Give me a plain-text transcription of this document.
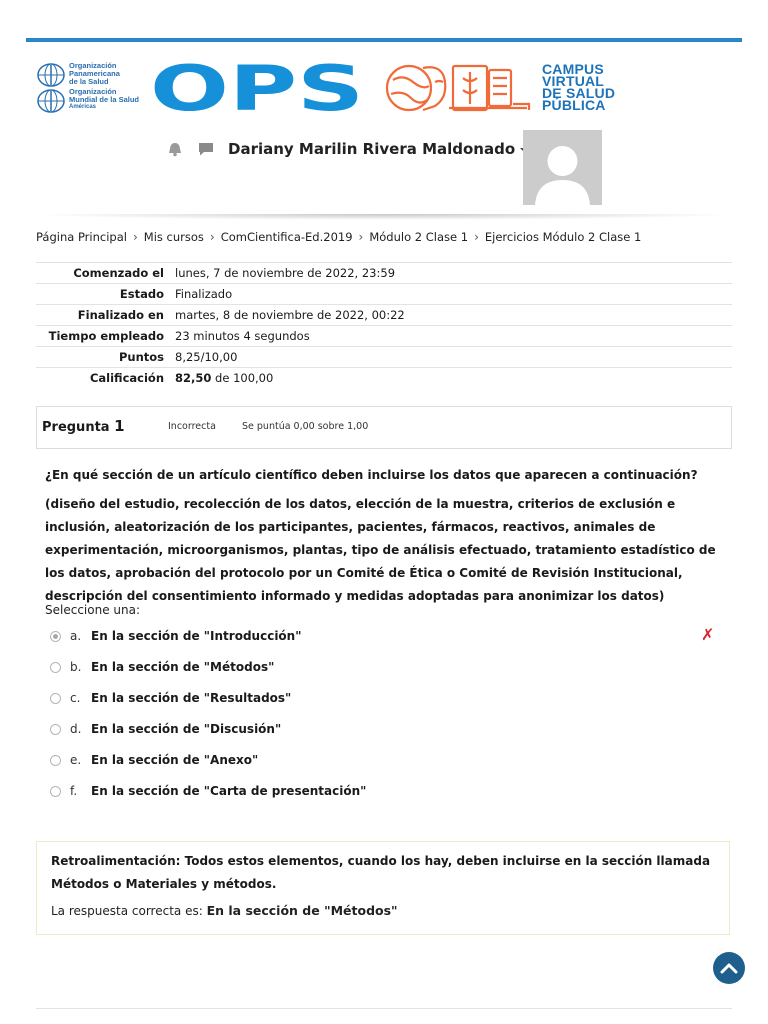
Organización
Panamericana
de la Salud
Organización
Mundial de la Salud
Américas OPS	CAMPUS
VIRTUAL
DE SALUD
PÚBLICA
Dariany Marilin Rivera Maldonado
Página Principal › Mis cursos › ComCientifica-Ed.2019 › Módulo 2 Clase 1 › Ejercicios Módulo 2 Clase 1
Comenzado el	lunes, 7 de noviembre de 2022, 23:59
Estado	Finalizado
Finalizado en	martes, 8 de noviembre de 2022, 00:22
Tiempo empleado	23 minutos 4 segundos
Puntos	8,25/10,00
Calificación	82,50 de 100,00
Pregunta 1	Incorrecta	Se puntúa 0,00 sobre 1,00

¿En qué sección de un artículo científico deben incluirse los datos que aparecen a continuación?

(diseño del estudio, recolección de los datos, elección de la muestra, criterios de exclusión e inclusión, aleatorización de los participantes, pacientes, fármacos, reactivos, animales de experimentación, microorganismos, plantas, tipo de análisis efectuado, tratamiento estadístico de los datos, aprobación del protocolo por un Comité de Ética o Comité de Revisión Institucional, descripción del consentimiento informado y medidas adoptadas para anonimizar los datos)

Seleccione una:
a. En la sección de "Introducción"	✗
b. En la sección de "Métodos"
c. En la sección de "Resultados"
d. En la sección de "Discusión"
e. En la sección de "Anexo"
f.	En la sección de "Carta de presentación"
Retroalimentación: Todos estos elementos, cuando los hay, deben incluirse en la sección llamada Métodos o Materiales y métodos.
La respuesta correcta es: En la sección de "Métodos"
